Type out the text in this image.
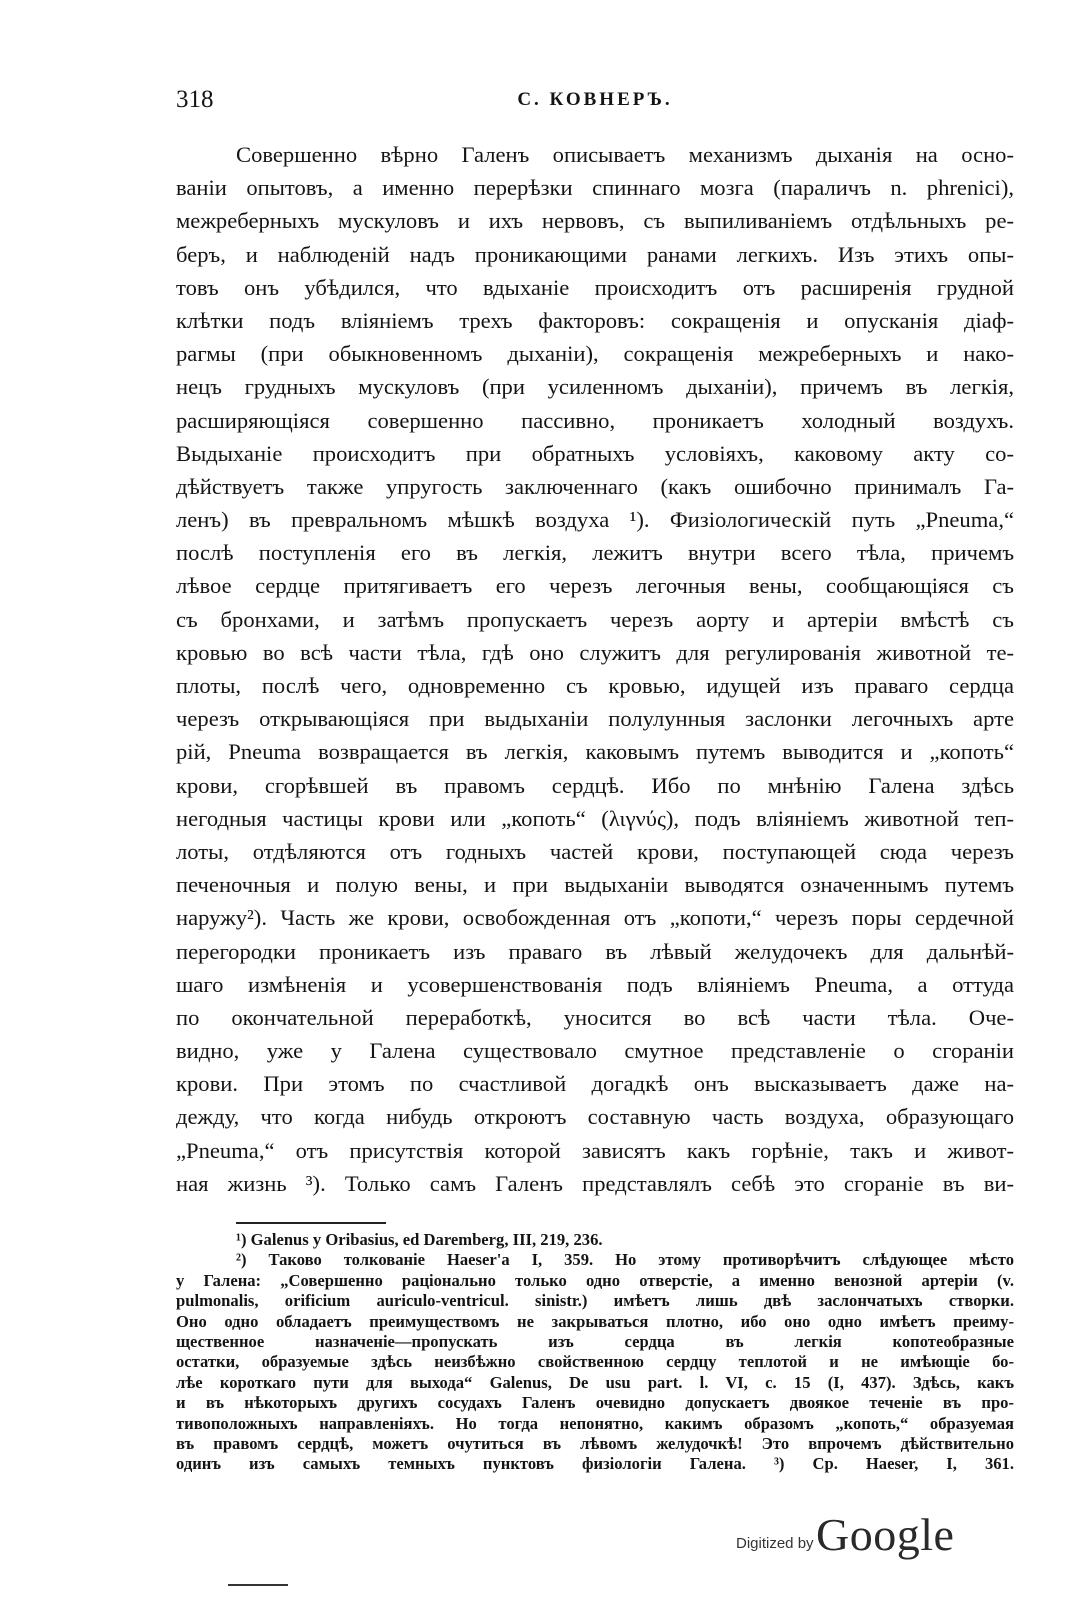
318	С. КОВНЕРЪ.
Совершенно вѣрно Галенъ описываетъ механизмъ дыханія на осно-
ваніи опытовъ, а именно перерѣзки спиннаго мозга (параличъ n. phrenici),
межреберныхъ мускуловъ и ихъ нервовъ, съ выпиливаніемъ отдѣльныхъ ре-
беръ, и наблюденій надъ проникающими ранами легкихъ. Изъ этихъ опы-
товъ онъ убѣдился, что вдыханіе происходитъ отъ расширенія грудной
клѣтки подъ вліяніемъ трехъ факторовъ: сокращенія и опусканія діаф-
рагмы (при обыкновенномъ дыханіи), сокращенія межреберныхъ и нако-
нецъ грудныхъ мускуловъ (при усиленномъ дыханіи), причемъ въ легкія,
расширяющіяся совершенно пассивно, проникаетъ холодный воздухъ.
Выдыханіе происходитъ при обратныхъ условіяхъ, каковому акту со-
дѣйствуетъ также упругость заключеннаго (какъ ошибочно принималъ Га-
ленъ) въ превральномъ мѣшкѣ воздуха ¹). Физіологическій путь „Pneuma,“
послѣ поступленія его въ легкія, лежитъ внутри всего тѣла, причемъ
лѣвое сердце притягиваетъ его черезъ легочныя вены, сообщающіяся съ
съ бронхами, и затѣмъ пропускаетъ черезъ аорту и артеріи вмѣстѣ съ
кровью во всѣ части тѣла, гдѣ оно служитъ для регулированія животной те-
плоты, послѣ чего, одновременно съ кровью, идущей изъ праваго сердца
черезъ открывающіяся при выдыханіи полулунныя заслонки легочныхъ арте
рій, Pneuma возвращается въ легкія, каковымъ путемъ выводится и „копоть“
крови, сгорѣвшей въ правомъ сердцѣ. Ибо по мнѣнію Галена здѣсь
негодныя частицы крови или „копоть“ (λιγνύς), подъ вліяніемъ животной теп-
лоты, отдѣляются отъ годныхъ частей крови, поступающей сюда черезъ
печеночныя и полую вены, и при выдыханіи выводятся означеннымъ путемъ
наружу²). Часть же крови, освобожденная отъ „копоти,“ черезъ поры сердечной
перегородки проникаетъ изъ праваго въ лѣвый желудочекъ для дальнѣй-
шаго измѣненія и усовершенствованія подъ вліяніемъ Pneuma, а оттуда
по окончательной переработкѣ, уносится во всѣ части тѣла. Оче-
видно, уже у Галена существовало смутное представленіе о сгораніи
крови. При этомъ по счастливой догадкѣ онъ высказываетъ даже на-
дежду, что когда нибудь откроютъ составную часть воздуха, образующаго
„Pneuma,“ отъ присутствія которой зависятъ какъ горѣніе, такъ и живот-
ная жизнь ³). Только самъ Галенъ представлялъ себѣ это сгораніе въ ви-
¹) Galenus y Oribasius, ed Daremberg, III, 219, 236.
²) Таково толкованіе Haeser'a I, 359. Но этому противорѣчитъ слѣдующее мѣсто
у Галена: „Совершенно раціонально только одно отверстіе, а именно венозной артеріи (v.
pulmonalis, orificium auriculo-ventricul. sinistr.) имѣетъ лишь двѣ заслончатыхъ створки.
Оно одно обладаетъ преимуществомъ не закрываться плотно, ибо оно одно имѣетъ преиму-
щественное назначеніе—пропускать изъ сердца въ легкія копотеобразные
остатки, образуемые здѣсь неизбѣжно свойственною сердцу теплотой и не имѣющіе бо-
лѣе короткаго пути для выхода“ Galenus, De usu part. l. VI, c. 15 (I, 437). Здѣсь, какъ
и въ нѣкоторыхъ другихъ сосудахъ Галенъ очевидно допускаетъ двоякое теченіе въ про-
тивоположныхъ направленіяхъ. Но тогда непонятно, какимъ образомъ „копоть,“ образуемая
въ правомъ сердцѣ, можетъ очутиться въ лѣвомъ желудочкѣ! Это впрочемъ дѣйствительно
одинъ изъ самыхъ темныхъ пунктовъ физіологіи Галена. ³) Ср. Haeser, I, 361.
Digitized by Google
